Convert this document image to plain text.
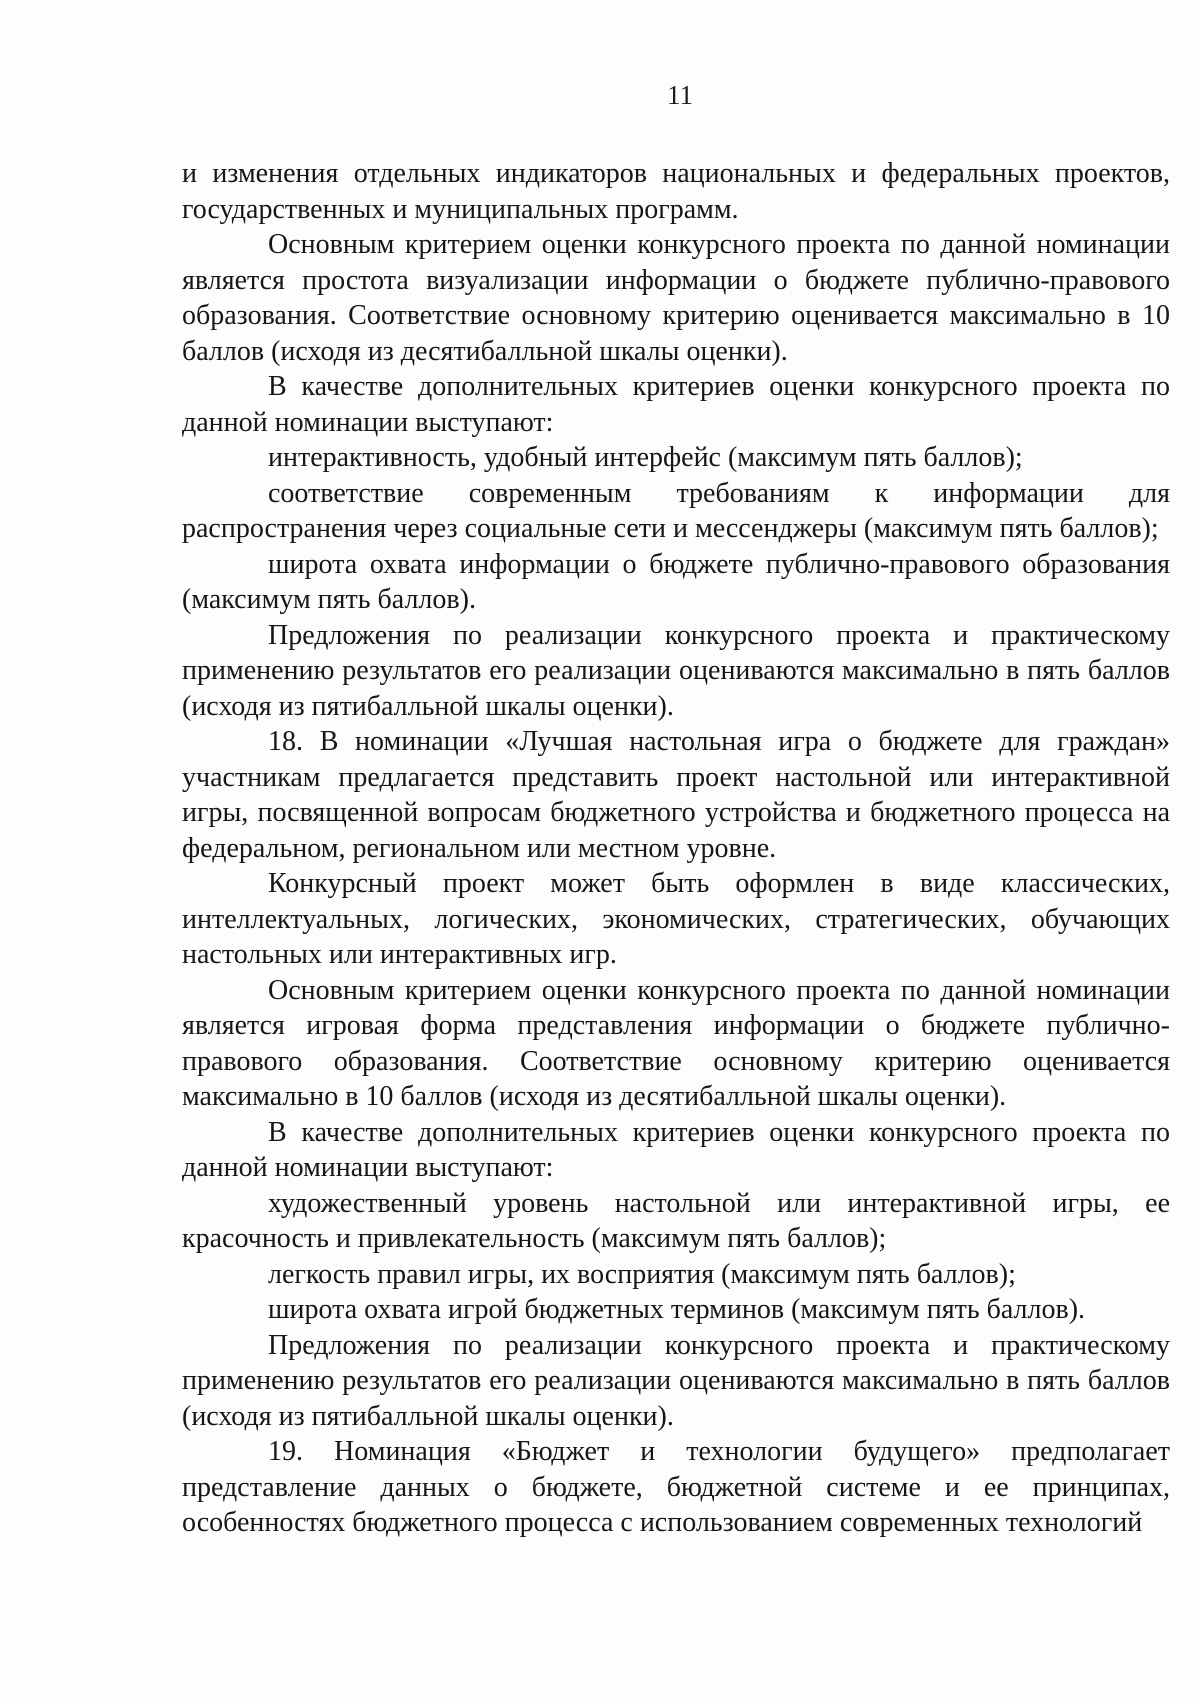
11

и изменения отдельных индикаторов национальных и федеральных проектов, государственных и муниципальных программ.

Основным критерием оценки конкурсного проекта по данной номинации является простота визуализации информации о бюджете публично-правового образования. Соответствие основному критерию оценивается максимально в 10 баллов (исходя из десятибалльной шкалы оценки).

В качестве дополнительных критериев оценки конкурсного проекта по данной номинации выступают:

интерактивность, удобный интерфейс (максимум пять баллов);

соответствие современным требованиям к информации для распространения через социальные сети и мессенджеры (максимум пять баллов);

широта охвата информации о бюджете публично-правового образования (максимум пять баллов).

Предложения по реализации конкурсного проекта и практическому применению результатов его реализации оцениваются максимально в пять баллов (исходя из пятибалльной шкалы оценки).

18. В номинации «Лучшая настольная игра о бюджете для граждан» участникам предлагается представить проект настольной или интерактивной игры, посвященной вопросам бюджетного устройства и бюджетного процесса на федеральном, региональном или местном уровне.

Конкурсный проект может быть оформлен в виде классических, интеллектуальных, логических, экономических, стратегических, обучающих настольных или интерактивных игр.

Основным критерием оценки конкурсного проекта по данной номинации является игровая форма представления информации о бюджете публично-правового образования. Соответствие основному критерию оценивается максимально в 10 баллов (исходя из десятибалльной шкалы оценки).

В качестве дополнительных критериев оценки конкурсного проекта по данной номинации выступают:

художественный уровень настольной или интерактивной игры, ее красочность и привлекательность (максимум пять баллов);

легкость правил игры, их восприятия (максимум пять баллов);

широта охвата игрой бюджетных терминов (максимум пять баллов).

Предложения по реализации конкурсного проекта и практическому применению результатов его реализации оцениваются максимально в пять баллов (исходя из пятибалльной шкалы оценки).

19. Номинация «Бюджет и технологии будущего» предполагает представление данных о бюджете, бюджетной системе и ее принципах, особенностях бюджетного процесса с использованием современных технологий
